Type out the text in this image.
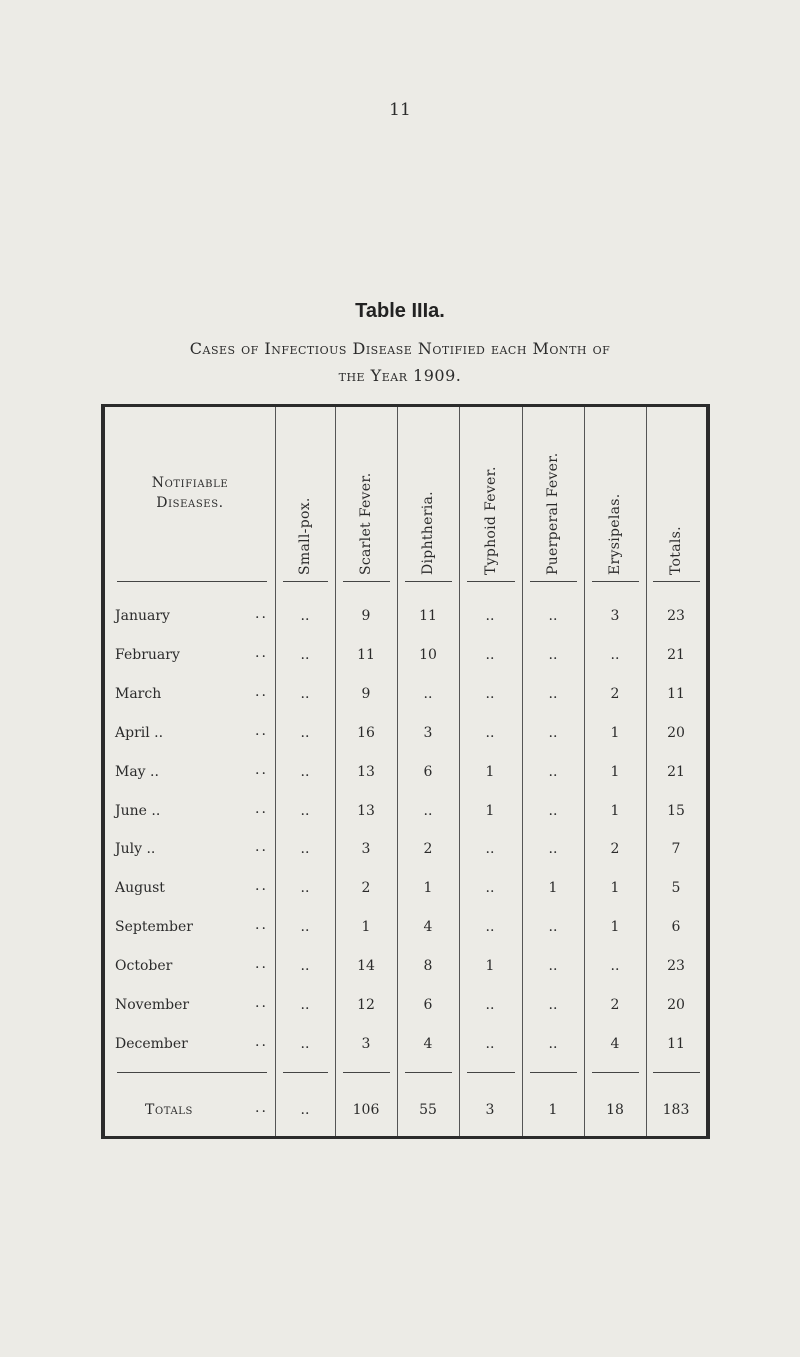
11
Table IIIa.
Cases of Infectious Disease Notified each Month of
the Year 1909.
Notifiable
Diseases.	Small-pox.	Scarlet Fever.	Diphtheria.	Typhoid Fever.	Puerperal Fever.	Erysipelas.	Totals.
January	..	..	9	11	..	..	3	23
February	..	..	11	10	..	..	..	21
March	..	..	9	..	..	..	2	11
April ..	..	..	16	3	..	..	1	20
May ..	..	..	13	6	1	..	1	21
June ..	..	..	13	..	1	..	1	15
July ..	..	..	3	2	..	..	2	7
August	..	..	2	1	..	1	1	5
September	..	..	1	4	..	..	1	6
October	..	..	14	8	1	..	..	23
November	..	..	12	6	..	..	2	20
December	..	..	3	4	..	..	4	11
Totals	..	..	106	55	3	1	18	183
